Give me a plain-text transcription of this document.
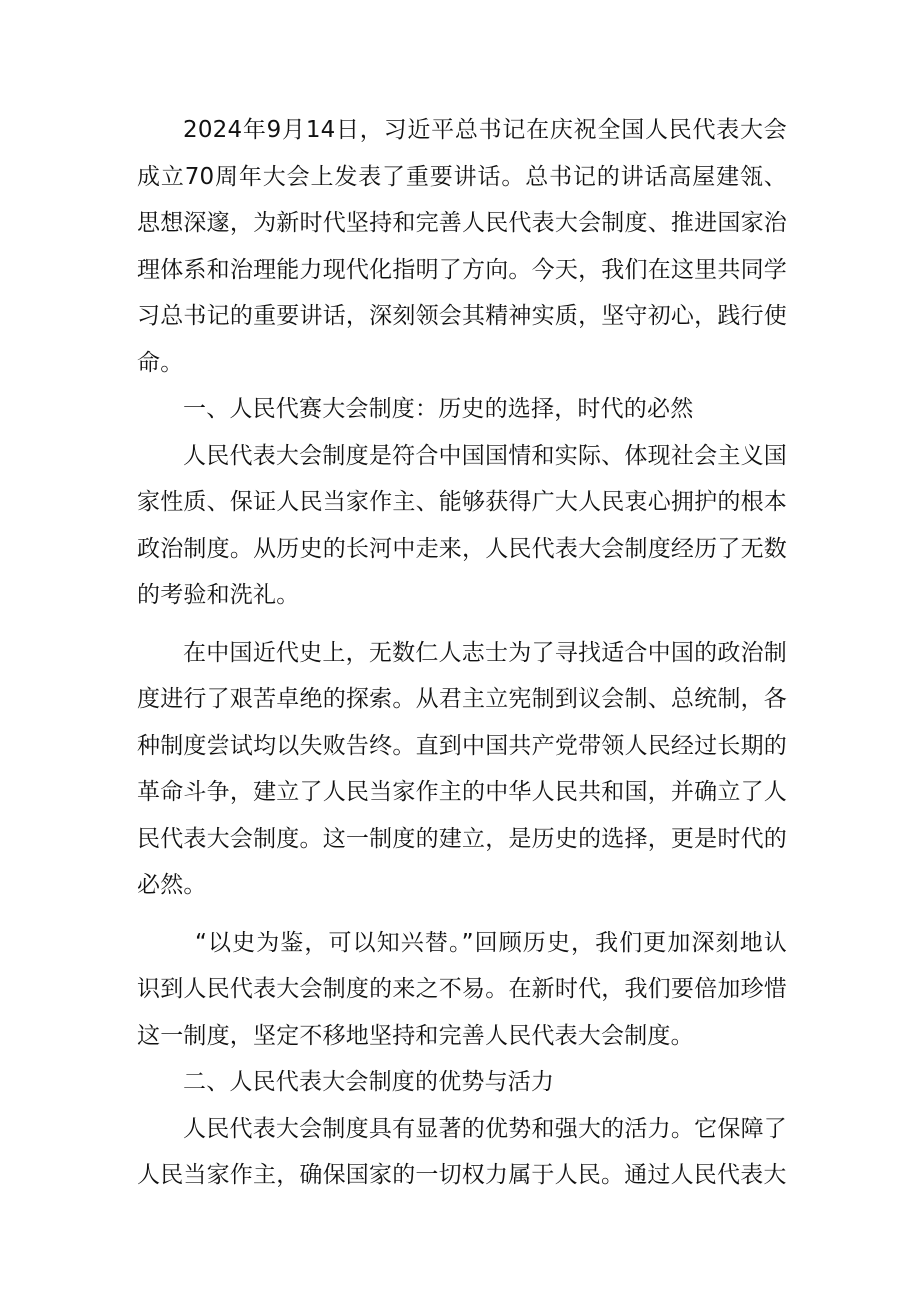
2024年9月14日，习近平总书记在庆祝全国人民代表大会成立70周年大会上发表了重要讲话。总书记的讲话高屋建瓴、思想深邃，为新时代坚持和完善人民代表大会制度、推进国家治理体系和治理能力现代化指明了方向。今天，我们在这里共同学习总书记的重要讲话，深刻领会其精神实质，坚守初心，践行使命。

一、人民代赛大会制度：历史的选择，时代的必然

人民代表大会制度是符合中国国情和实际、体现社会主义国家性质、保证人民当家作主、能够获得广大人民衷心拥护的根本政治制度。从历史的长河中走来，人民代表大会制度经历了无数的考验和洗礼。

在中国近代史上，无数仁人志士为了寻找适合中国的政治制度进行了艰苦卓绝的探索。从君主立宪制到议会制、总统制，各种制度尝试均以失败告终。直到中国共产党带领人民经过长期的革命斗争，建立了人民当家作主的中华人民共和国，并确立了人民代表大会制度。这一制度的建立，是历史的选择，更是时代的必然。

“以史为鉴，可以知兴替。”回顾历史，我们更加深刻地认识到人民代表大会制度的来之不易。在新时代，我们要倍加珍惜这一制度，坚定不移地坚持和完善人民代表大会制度。

二、人民代表大会制度的优势与活力

人民代表大会制度具有显著的优势和强大的活力。它保障了人民当家作主，确保国家的一切权力属于人民。通过人民代表大
